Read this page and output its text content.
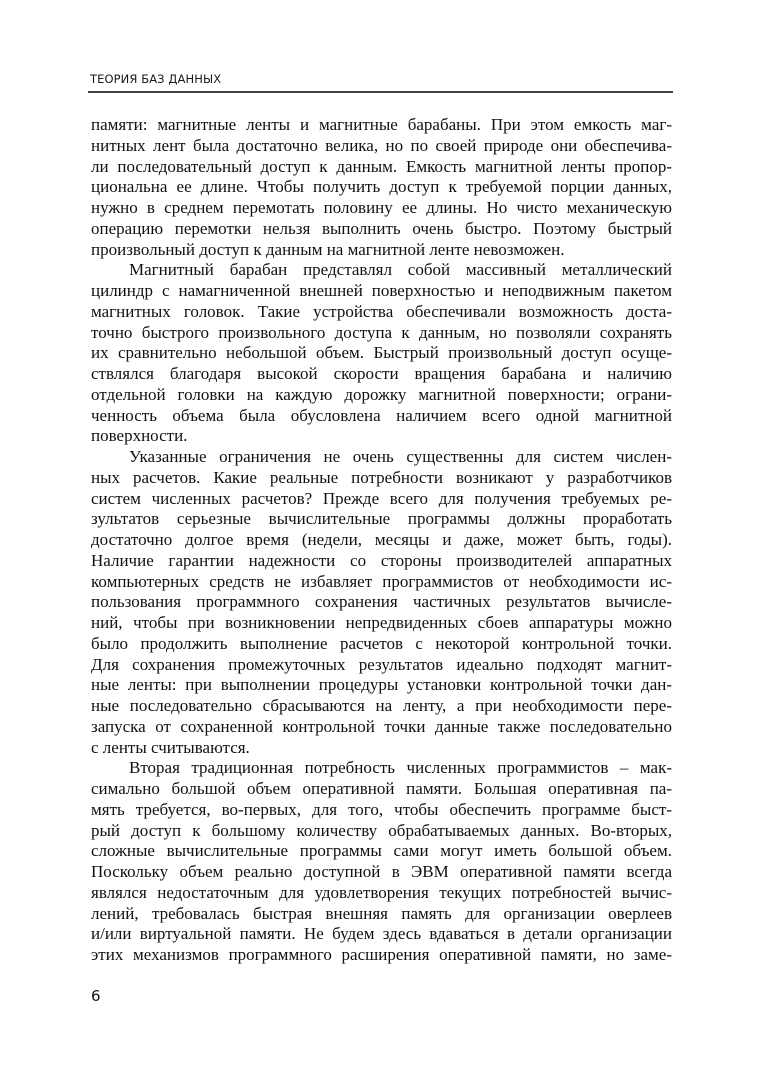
ТЕОРИЯ БАЗ ДАННЫХ
памяти: магнитные ленты и магнитные барабаны. При этом емкость маг-
нитных лент была достаточно велика, но по своей природе они обеспечива-
ли последовательный доступ к данным. Емкость магнитной ленты пропор-
циональна ее длине. Чтобы получить доступ к требуемой порции данных,
нужно в среднем перемотать половину ее длины. Но чисто механическую
операцию перемотки нельзя выполнить очень быстро. Поэтому быстрый
произвольный доступ к данным на магнитной ленте невозможен.
Магнитный барабан представлял собой массивный металлический
цилиндр с намагниченной внешней поверхностью и неподвижным пакетом
магнитных головок. Такие устройства обеспечивали возможность доста-
точно быстрого произвольного доступа к данным, но позволяли сохранять
их сравнительно небольшой объем. Быстрый произвольный доступ осуще-
ствлялся благодаря высокой скорости вращения барабана и наличию
отдельной головки на каждую дорожку магнитной поверхности; ограни-
ченность объема была обусловлена наличием всего одной магнитной
поверхности.
Указанные ограничения не очень существенны для систем числен-
ных расчетов. Какие реальные потребности возникают у разработчиков
систем численных расчетов? Прежде всего для получения требуемых ре-
зультатов серьезные вычислительные программы должны проработать
достаточно долгое время (недели, месяцы и даже, может быть, годы).
Наличие гарантии надежности со стороны производителей аппаратных
компьютерных средств не избавляет программистов от необходимости ис-
пользования программного сохранения частичных результатов вычисле-
ний, чтобы при возникновении непредвиденных сбоев аппаратуры можно
было продолжить выполнение расчетов с некоторой контрольной точки.
Для сохранения промежуточных результатов идеально подходят магнит-
ные ленты: при выполнении процедуры установки контрольной точки дан-
ные последовательно сбрасываются на ленту, а при необходимости пере-
запуска от сохраненной контрольной точки данные также последовательно
с ленты считываются.
Вторая традиционная потребность численных программистов – мак-
симально большой объем оперативной памяти. Большая оперативная па-
мять требуется, во-первых, для того, чтобы обеспечить программе быст-
рый доступ к большому количеству обрабатываемых данных. Во-вторых,
сложные вычислительные программы сами могут иметь большой объем.
Поскольку объем реально доступной в ЭВМ оперативной памяти всегда
являлся недостаточным для удовлетворения текущих потребностей вычис-
лений, требовалась быстрая внешняя память для организации оверлеев
и/или виртуальной памяти. Не будем здесь вдаваться в детали организации
этих механизмов программного расширения оперативной памяти, но заме-
6
